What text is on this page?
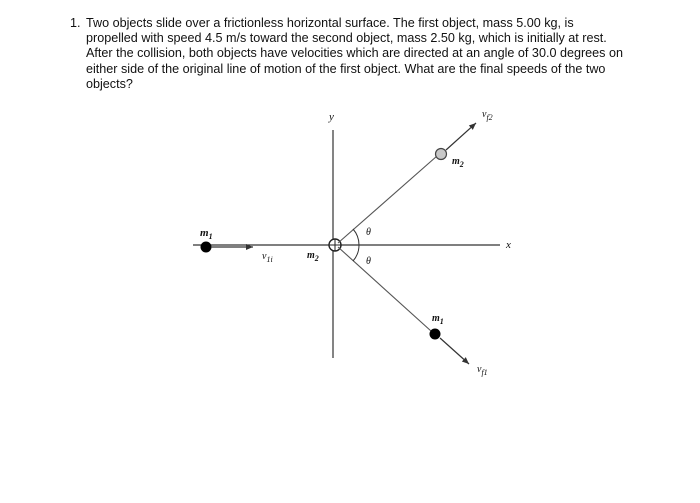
1. Two objects slide over a frictionless horizontal surface. The first object, mass 5.00 kg, is propelled with speed 4.5 m/s toward the second object, mass 2.50 kg, which is initially at rest. After the collision, both objects have velocities which are directed at an angle of 30.0 degrees on either side of the original line of motion of the first object. What are the final speeds of the two objects?
y
x
$m_1$
$v_{1i}$	$m_2$
$v_{f2}$
$m_2$
$v_{f1}$
$m_1$
θ
θ
